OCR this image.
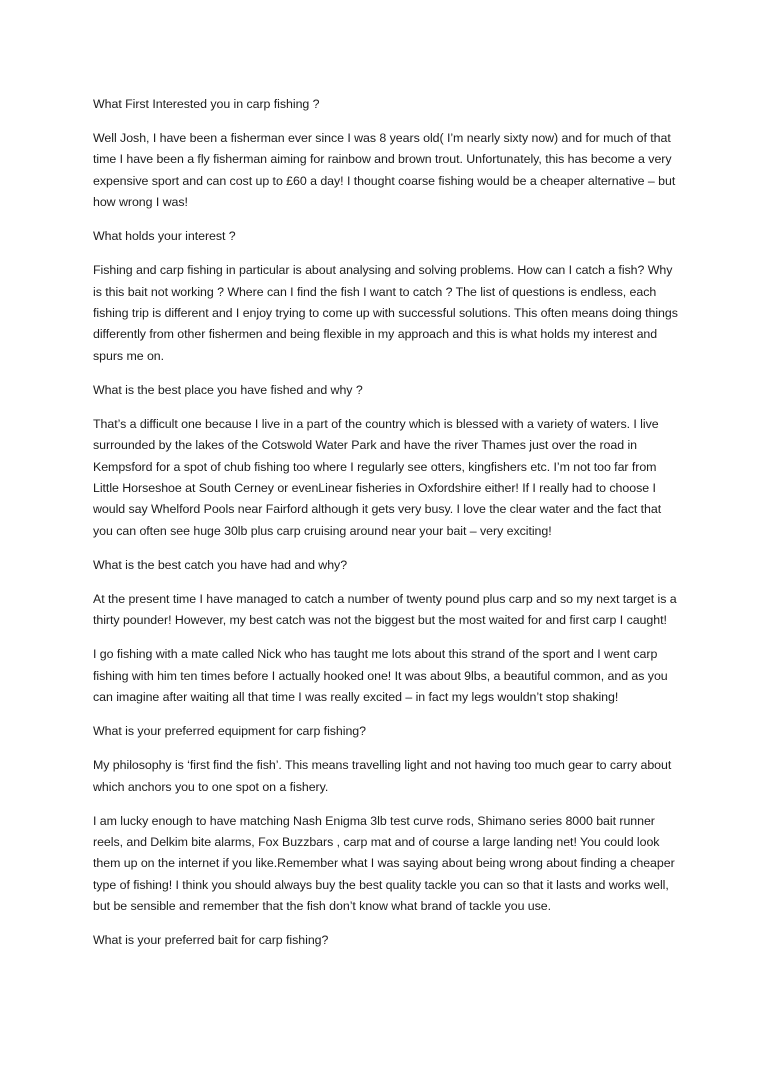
What First Interested you in carp fishing ?

Well Josh, I have been a fisherman ever since I was 8 years old( I’m nearly sixty now) and for much of that time I have been a fly fisherman aiming for rainbow and brown trout. Unfortunately, this has become a very expensive sport and can cost up to £60 a day! I thought coarse fishing would be a cheaper alternative – but how wrong I was!

What holds your interest ?

Fishing and carp fishing in particular is about analysing and solving problems. How can I catch a fish? Why is this bait not working ? Where can I find the fish I want to catch ? The list of questions is endless, each fishing trip is different and I enjoy trying to come up with successful solutions. This often means doing things differently from other fishermen and being flexible in my approach and this is what holds my interest and spurs me on.

What is the best place you have fished and why ?

That’s a difficult one because I live in a part of the country which is blessed with a variety of waters. I live surrounded by the lakes of the Cotswold Water Park and have the river Thames just over the road in Kempsford for a spot of chub fishing too where I regularly see otters, kingfishers etc. I’m not too far from Little Horseshoe at South Cerney or evenLinear fisheries in Oxfordshire either! If I really had to choose I would say Whelford Pools near Fairford although it gets very busy. I love the clear water and the fact that you can often see huge 30lb plus carp cruising around near your bait – very exciting!

What is the best catch you have had and why?

At the present time I have managed to catch a number of twenty pound plus carp and so my next target is a thirty pounder! However, my best catch was not the biggest but the most waited for and first carp I caught!

I go fishing with a mate called Nick who has taught me lots about this strand of the sport and I went carp fishing with him ten times before I actually hooked one! It was about 9lbs, a beautiful common, and as you can imagine after waiting all that time I was really excited – in fact my legs wouldn’t stop shaking!

What is your preferred equipment for carp fishing?

My philosophy is ‘first find the fish’. This means travelling light and not having too much gear to carry about which anchors you to one spot on a fishery.

I am lucky enough to have matching Nash Enigma 3lb test curve rods, Shimano series 8000 bait runner reels, and Delkim bite alarms, Fox Buzzbars , carp mat and of course a large landing net! You could look them up on the internet if you like.Remember what I was saying about being wrong about finding a cheaper type of fishing! I think you should always buy the best quality tackle you can so that it lasts and works well, but be sensible and remember that the fish don’t know what brand of tackle you use.

What is your preferred bait for carp fishing?
